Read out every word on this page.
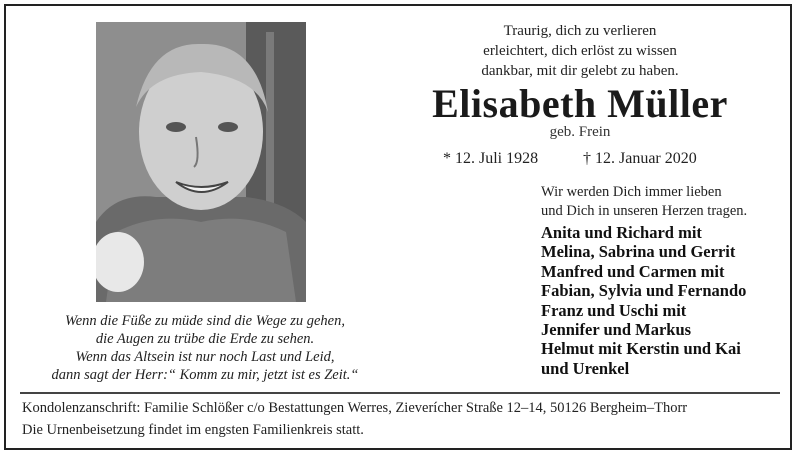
Wenn die Füße zu müde sind die Wege zu gehen,
die Augen zu trübe die Erde zu sehen.
Wenn das Altsein ist nur noch Last und Leid,
dann sagt der Herr:“ Komm zu mir, jetzt ist es Zeit.“
Traurig, dich zu verlieren
erleichtert, dich erlöst zu wissen
dankbar, mit dir gelebt zu haben.
Elisabeth Müller
geb. Frein
* 12. Juli 1928	† 12. Januar 2020
Wir werden Dich immer lieben
und Dich in unseren Herzen tragen.
Anita und Richard mit
Melina, Sabrina und Gerrit
Manfred und Carmen mit
Fabian, Sylvia und Fernando
Franz und Uschi mit
Jennifer und Markus
Helmut mit Kerstin und Kai
und Urenkel
Kondolenzanschrift: Familie Schlößer c/o Bestattungen Werres, Zieverícher Straße 12–14, 50126 Bergheim–Thorr
Die Urnenbeisetzung findet im engsten Familienkreis statt.
